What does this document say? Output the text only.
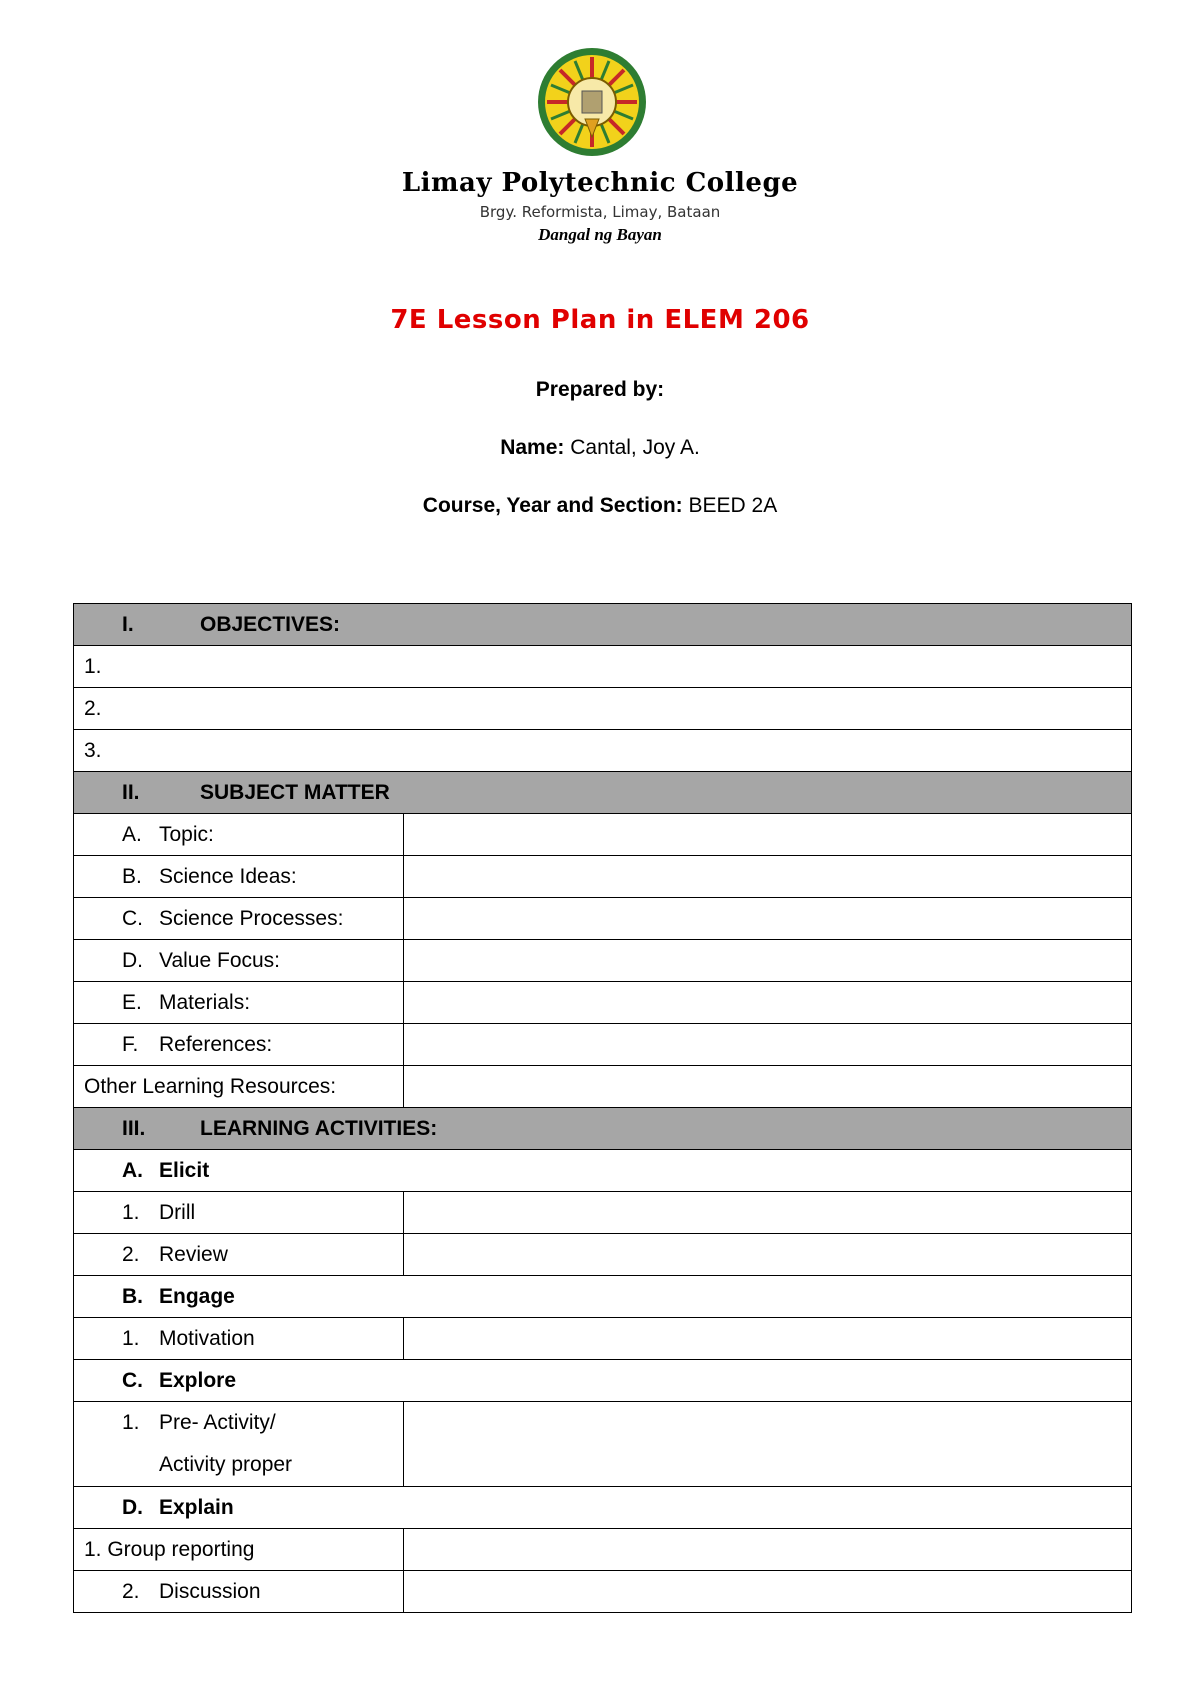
Limay Polytechnic College
Brgy. Reformista, Limay, Bataan
Dangal ng Bayan
7E Lesson Plan in ELEM 206
Prepared by:
Name: Cantal, Joy A.
Course, Year and Section: BEED 2A
I. OBJECTIVES:	
1.	
2.	
3.	
II. SUBJECT MATTER	
A. Topic:	
B. Science Ideas:	
C. Science Processes:	
D. Value Focus:	
E. Materials:	
F. References:	
Other Learning Resources:	
III. LEARNING ACTIVITIES:	
A. Elicit	
1. Drill	
2. Review	
B. Engage	
1. Motivation	
C. Explore	

1. Pre- Activity/
Activity proper	

D. Explain	
1. Group reporting	
2. Discussion	
